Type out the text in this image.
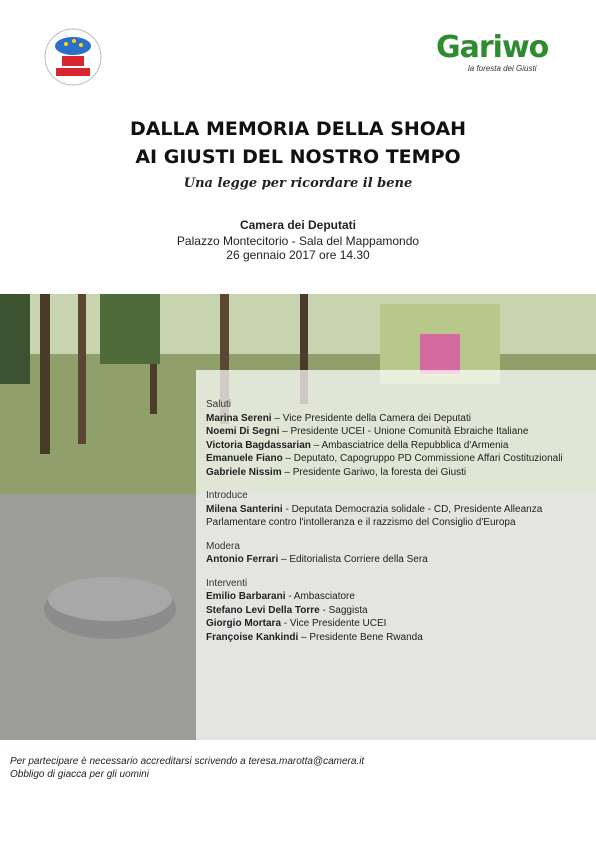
Gariwo
la foresta dei Giusti
DALLA MEMORIA DELLA SHOAH
AI GIUSTI DEL NOSTRO TEMPO
Una legge per ricordare il bene
Camera dei Deputati
Palazzo Montecitorio - Sala del Mappamondo
26 gennaio 2017 ore 14.30
Saluti
Marina Sereni – Vice Presidente della Camera dei Deputati
Noemi Di Segni – Presidente UCEI - Unione Comunità Ebraiche Italiane
Victoria Bagdassarian – Ambasciatrice della Repubblica d'Armenia
Emanuele Fiano – Deputato, Capogruppo PD Commissione Affari Costituzionali
Gabriele Nissim – Presidente Gariwo, la foresta dei Giusti
Introduce
Milena Santerini - Deputata Democrazia solidale - CD, Presidente Alleanza Parlamentare contro l'intolleranza e il razzismo del Consiglio d'Europa
Modera
Antonio Ferrari – Editorialista Corriere della Sera
Interventi
Emilio Barbarani - Ambasciatore
Stefano Levi Della Torre - Saggista
Giorgio Mortara - Vice Presidente UCEI
Françoise Kankindi – Presidente Bene Rwanda
Per partecipare è necessario accreditarsi scrivendo a teresa.marotta@camera.it
Obbligo di giacca per gli uomini
